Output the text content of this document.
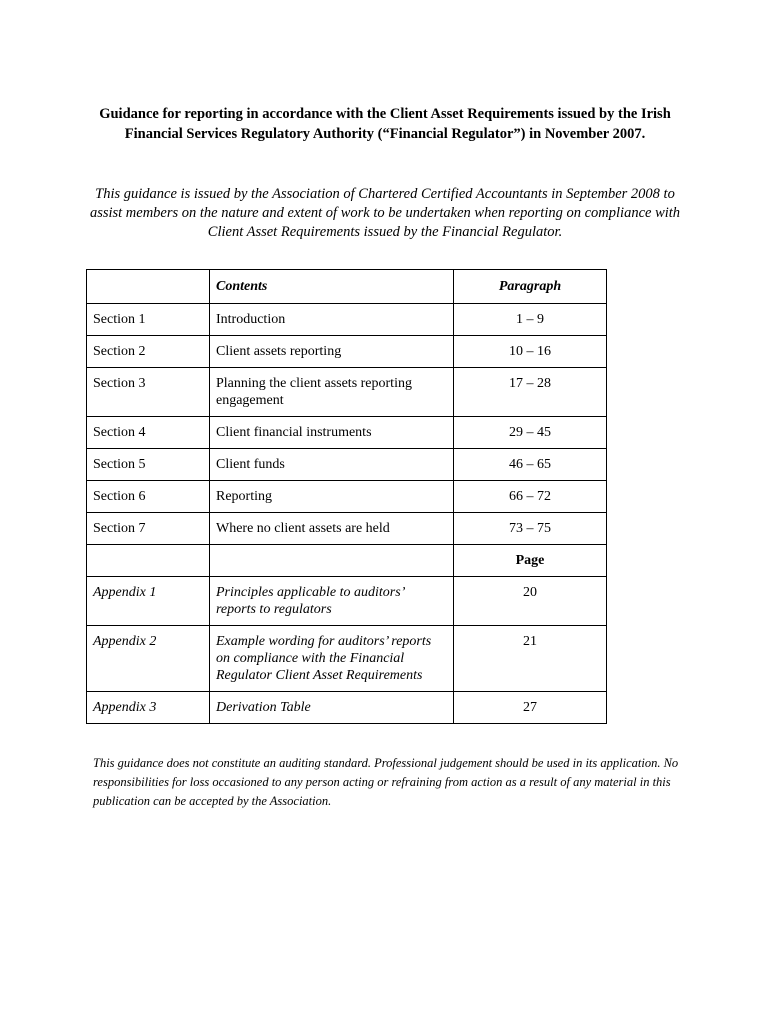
Guidance for reporting in accordance with the Client Asset Requirements issued by the Irish Financial Services Regulatory Authority (“Financial Regulator”) in November 2007.
This guidance is issued by the Association of Chartered Certified Accountants in September 2008 to assist members on the nature and extent of work to be undertaken when reporting on compliance with Client Asset Requirements issued by the Financial Regulator.
	Contents	Paragraph
Section 1	Introduction	1 – 9
Section 2	Client assets reporting	10 – 16
Section 3	Planning the client assets reporting engagement	17 – 28
Section 4	Client financial instruments	29 – 45
Section 5	Client funds	46 – 65
Section 6	Reporting	66 – 72
Section 7	Where no client assets are held	73 – 75
		Page
Appendix 1	Principles applicable to auditors’ reports to regulators	20
Appendix 2	Example wording for auditors’ reports on compliance with the Financial Regulator Client Asset Requirements	21
Appendix 3	Derivation Table	27
This guidance does not constitute an auditing standard. Professional judgement should be used in its application. No responsibilities for loss occasioned to any person acting or refraining from action as a result of any material in this publication can be accepted by the Association.
